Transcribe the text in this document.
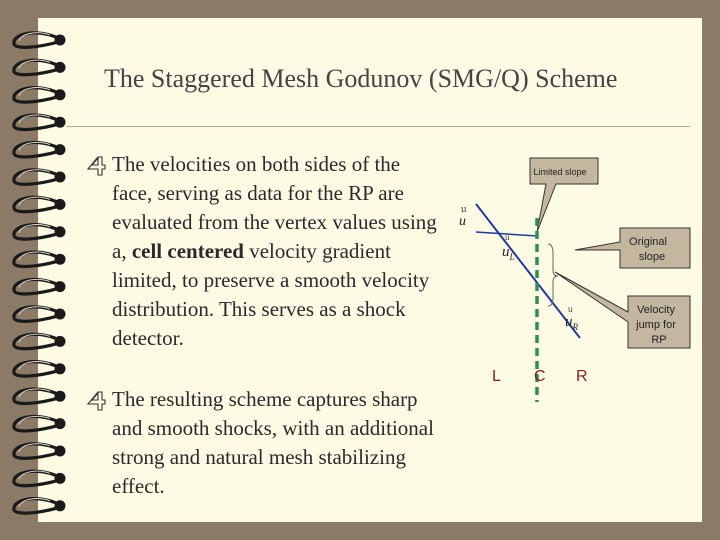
The Staggered Mesh Godunov (SMG/Q) Scheme
The velocities on both sides of the face, serving as data for the RP are evaluated from the vertex values using a, cell centered velocity gradient limited, to preserve a smooth velocity distribution. This serves as a shock detector.
The resulting scheme captures sharp and smooth shocks, with an additional strong and natural mesh stabilizing effect.
Limited slope
Original
slope
Velocity
jump for
RP
u
u
u
$u_L$
u
$u_R$
L C R
